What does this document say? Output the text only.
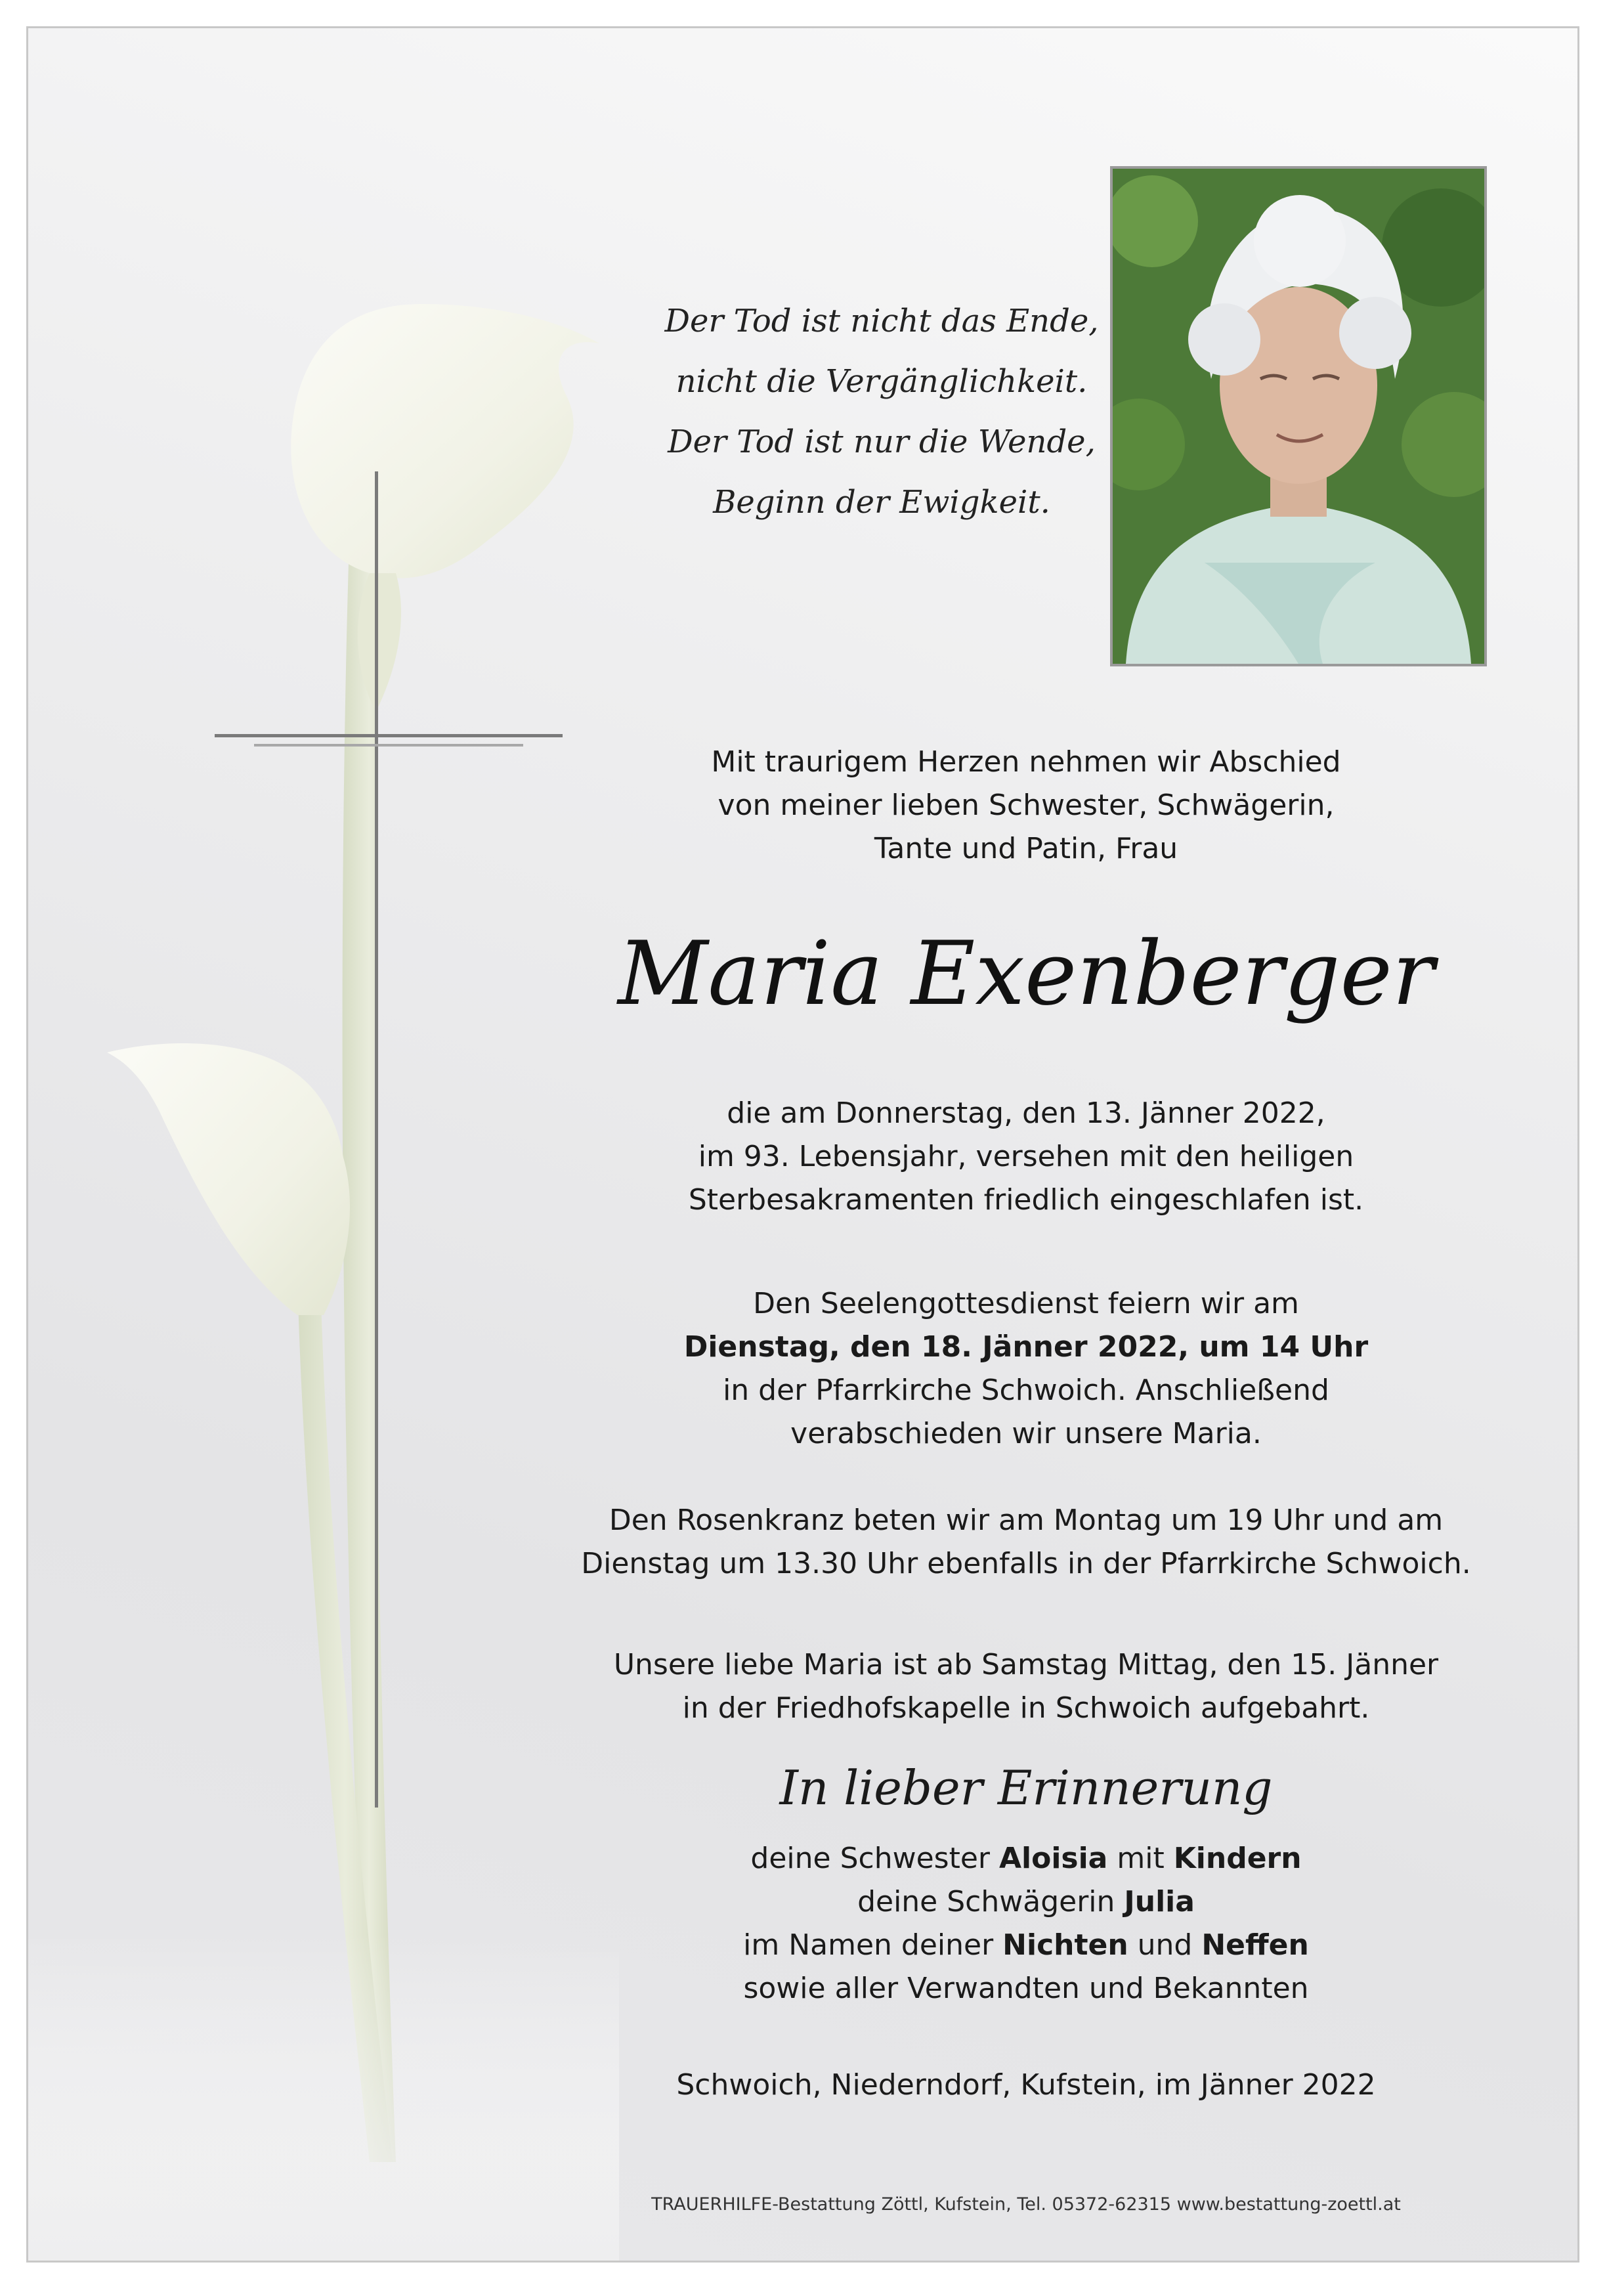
Der Tod ist nicht das Ende,
nicht die Vergänglichkeit.
Der Tod ist nur die Wende,
Beginn der Ewigkeit.
Mit traurigem Herzen nehmen wir Abschied
von meiner lieben Schwester, Schwägerin,
Tante und Patin, Frau
Maria Exenberger
die am Donnerstag, den 13. Jänner 2022,
im 93. Lebensjahr, versehen mit den heiligen
Sterbesakramenten friedlich eingeschlafen ist.
Den Seelengottesdienst feiern wir am
Dienstag, den 18. Jänner 2022, um 14 Uhr
in der Pfarrkirche Schwoich. Anschließend
verabschieden wir unsere Maria.
Den Rosenkranz beten wir am Montag um 19 Uhr und am
Dienstag um 13.30 Uhr ebenfalls in der Pfarrkirche Schwoich.
Unsere liebe Maria ist ab Samstag Mittag, den 15. Jänner
in der Friedhofskapelle in Schwoich aufgebahrt.
In lieber Erinnerung
deine Schwester Aloisia mit Kindern
deine Schwägerin Julia
im Namen deiner Nichten und Neffen
sowie aller Verwandten und Bekannten
Schwoich, Niederndorf, Kufstein, im Jänner 2022
TRAUERHILFE-Bestattung Zöttl, Kufstein, Tel. 05372-62315 www.bestattung-zoettl.at
